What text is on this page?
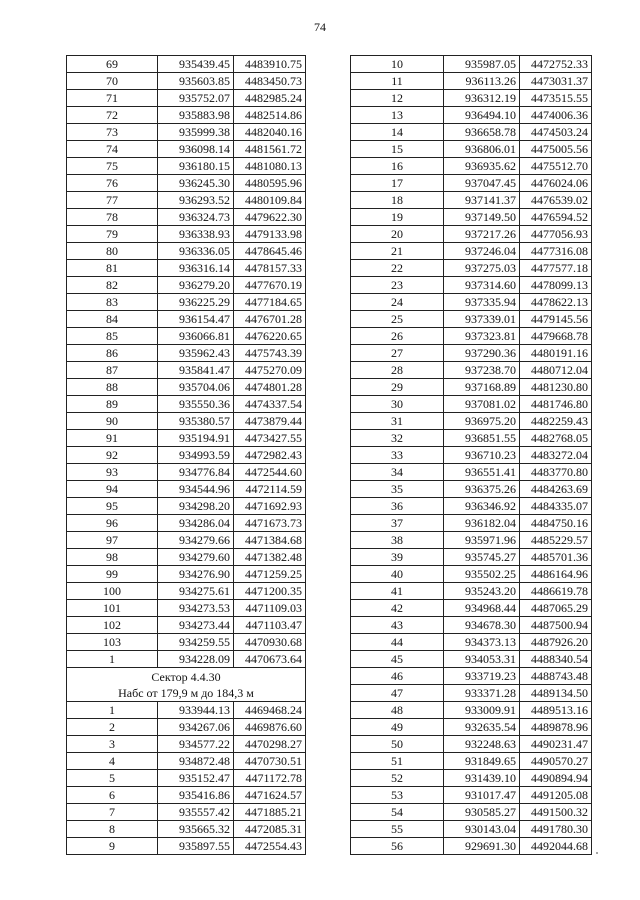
74
69	935439.45	4483910.75
70	935603.85	4483450.73
71	935752.07	4482985.24
72	935883.98	4482514.86
73	935999.38	4482040.16
74	936098.14	4481561.72
75	936180.15	4481080.13
76	936245.30	4480595.96
77	936293.52	4480109.84
78	936324.73	4479622.30
79	936338.93	4479133.98
80	936336.05	4478645.46
81	936316.14	4478157.33
82	936279.20	4477670.19
83	936225.29	4477184.65
84	936154.47	4476701.28
85	936066.81	4476220.65
86	935962.43	4475743.39
87	935841.47	4475270.09
88	935704.06	4474801.28
89	935550.36	4474337.54
90	935380.57	4473879.44
91	935194.91	4473427.55
92	934993.59	4472982.43
93	934776.84	4472544.60
94	934544.96	4472114.59
95	934298.20	4471692.93
96	934286.04	4471673.73
97	934279.66	4471384.68
98	934279.60	4471382.48
99	934276.90	4471259.25
100	934275.61	4471200.35
101	934273.53	4471109.03
102	934273.44	4471103.47
103	934259.55	4470930.68
1	934228.09	4470673.64
Сектор 4.4.30		
Набс от 179,9 м до 184,3 м		
1	933944.13	4469468.24
2	934267.06	4469876.60
3	934577.22	4470298.27
4	934872.48	4470730.51
5	935152.47	4471172.78
6	935416.86	4471624.57
7	935557.42	4471885.21
8	935665.32	4472085.31
9	935897.55	4472554.43
10	935987.05	4472752.33
11	936113.26	4473031.37
12	936312.19	4473515.55
13	936494.10	4474006.36
14	936658.78	4474503.24
15	936806.01	4475005.56
16	936935.62	4475512.70
17	937047.45	4476024.06
18	937141.37	4476539.02
19	937149.50	4476594.52
20	937217.26	4477056.93
21	937246.04	4477316.08
22	937275.03	4477577.18
23	937314.60	4478099.13
24	937335.94	4478622.13
25	937339.01	4479145.56
26	937323.81	4479668.78
27	937290.36	4480191.16
28	937238.70	4480712.04
29	937168.89	4481230.80
30	937081.02	4481746.80
31	936975.20	4482259.43
32	936851.55	4482768.05
33	936710.23	4483272.04
34	936551.41	4483770.80
35	936375.26	4484263.69
36	936346.92	4484335.07
37	936182.04	4484750.16
38	935971.96	4485229.57
39	935745.27	4485701.36
40	935502.25	4486164.96
41	935243.20	4486619.78
42	934968.44	4487065.29
43	934678.30	4487500.94
44	934373.13	4487926.20
45	934053.31	4488340.54
46	933719.23	4488743.48
47	933371.28	4489134.50
48	933009.91	4489513.16
49	932635.54	4489878.96
50	932248.63	4490231.47
51	931849.65	4490570.27
52	931439.10	4490894.94
53	931017.47	4491205.08
54	930585.27	4491500.32
55	930143.04	4491780.30
56	929691.30	4492044.68
